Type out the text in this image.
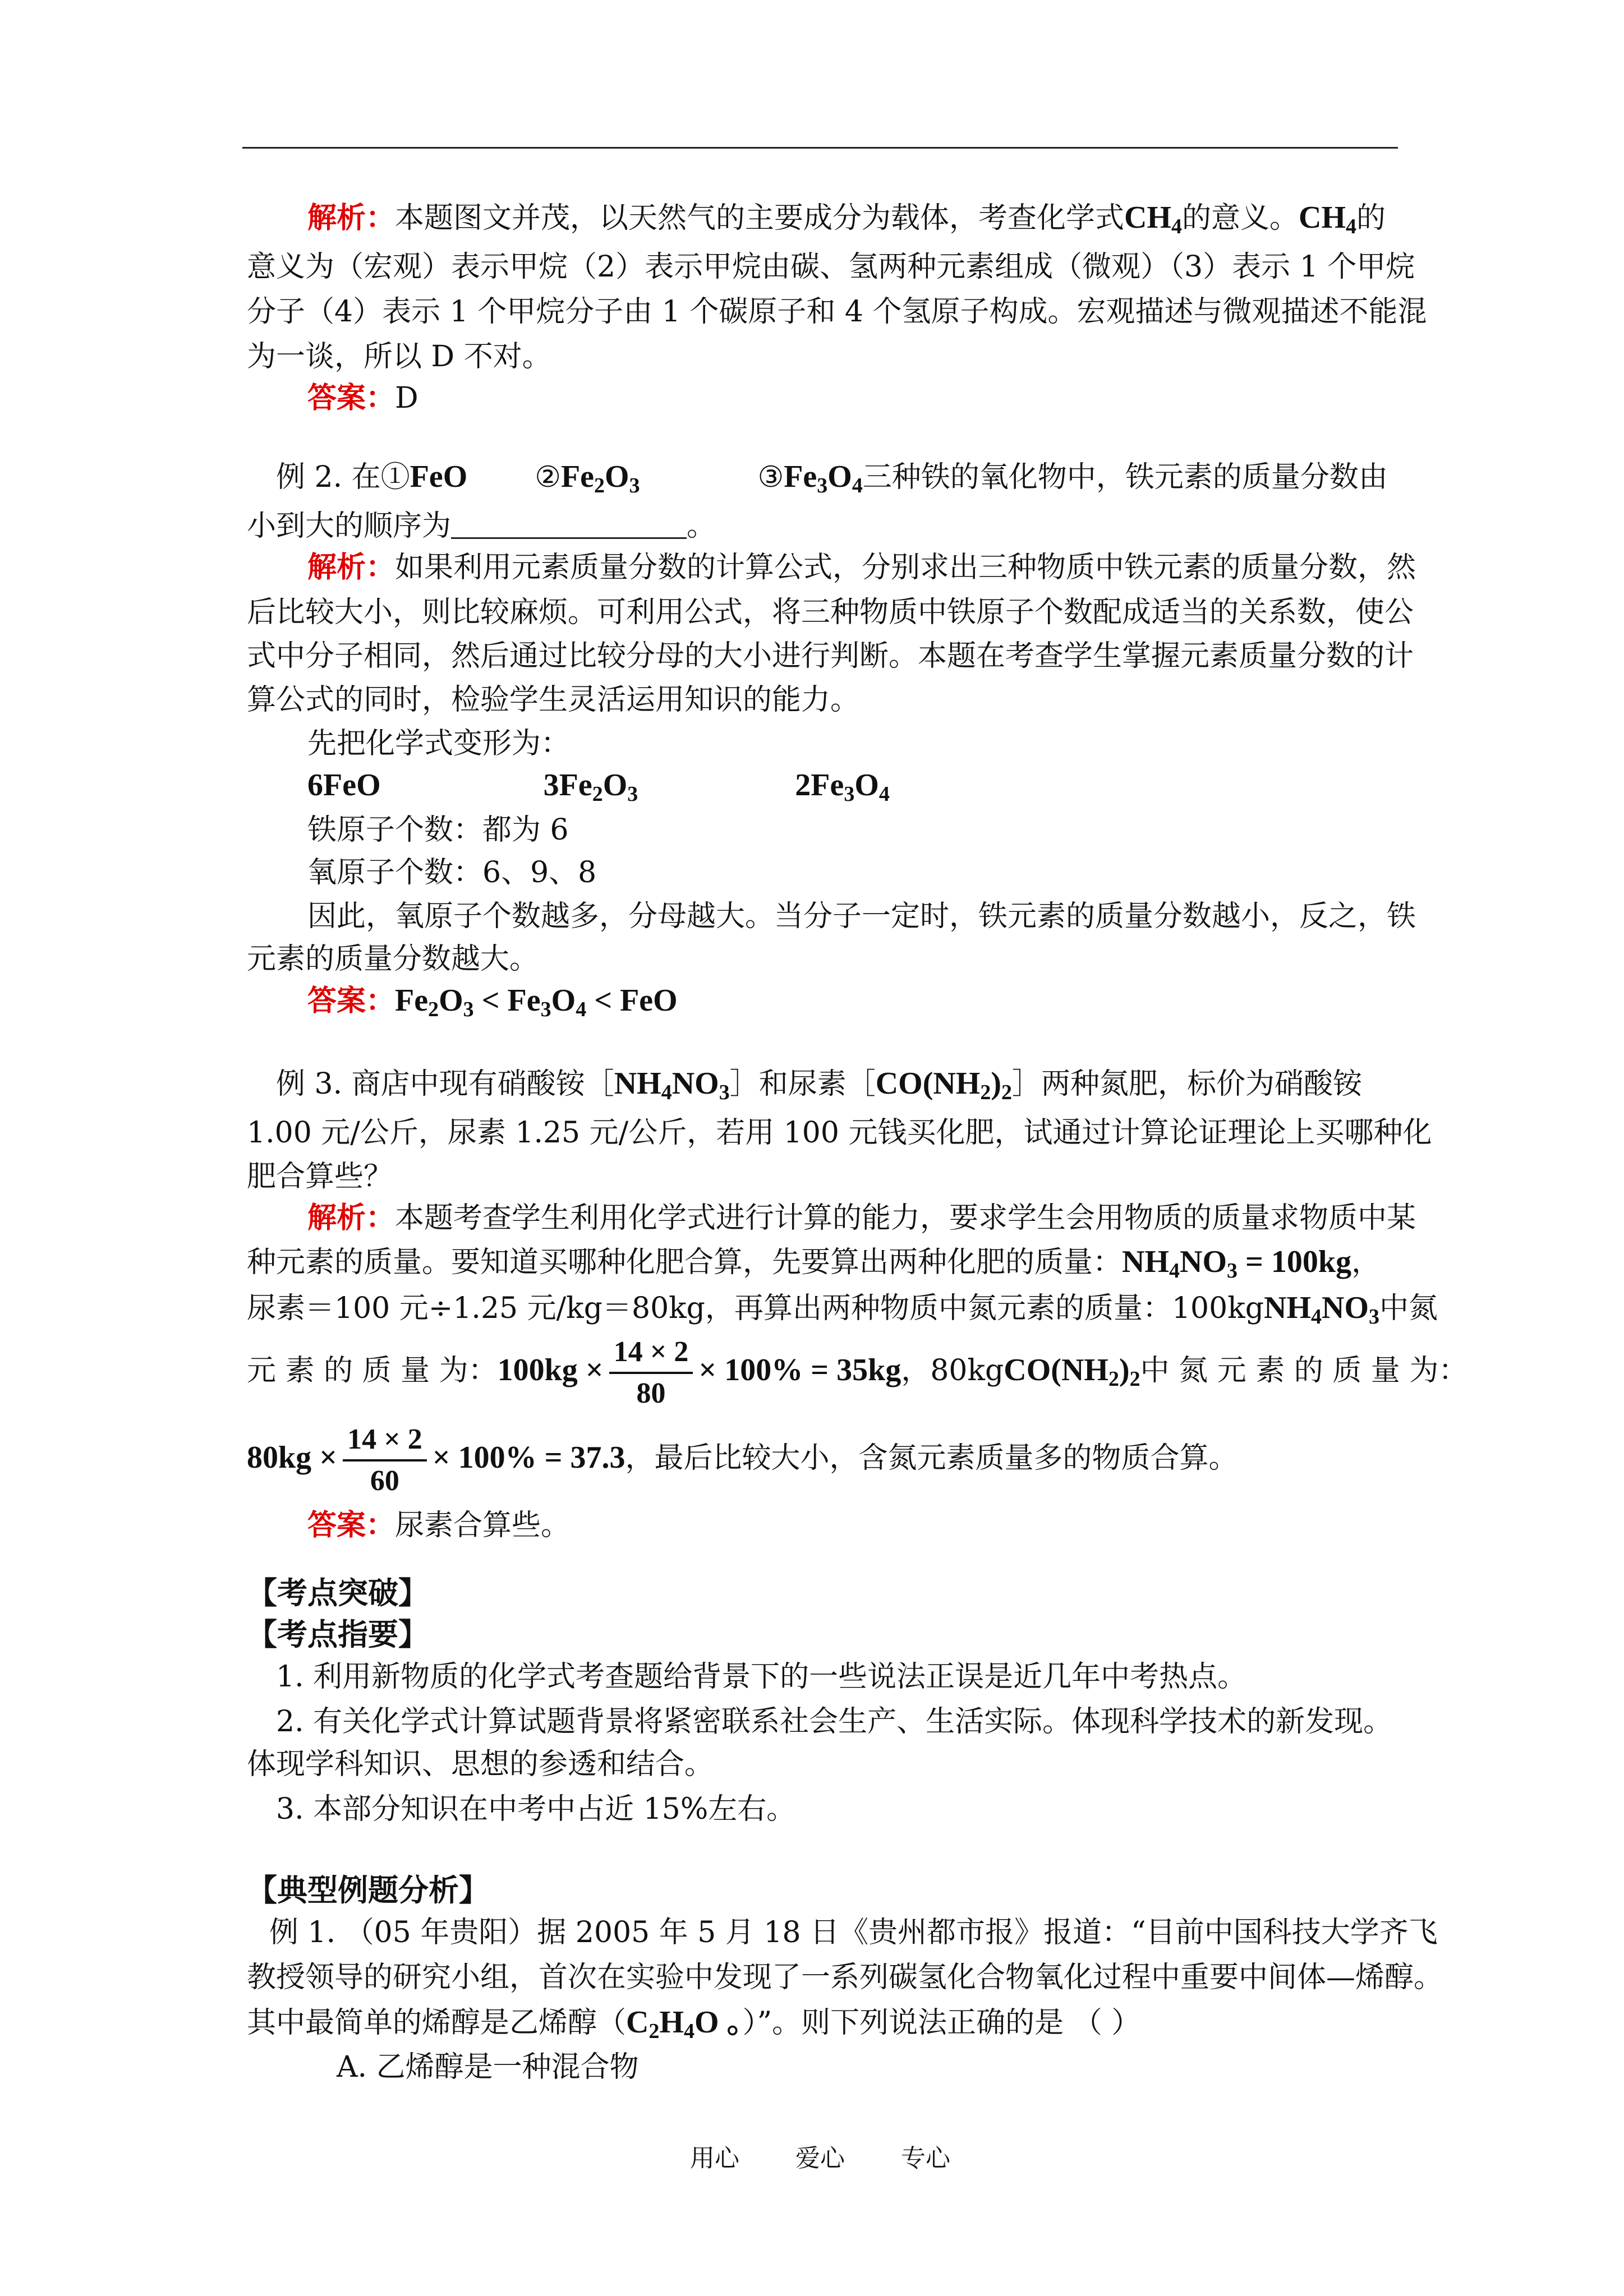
解析：本题图文并茂，以天然气的主要成分为载体，考查化学式$CH_4$的意义。$CH_4$的
意义为（宏观）表示甲烷（2）表示甲烷由碳、氢两种元素组成（微观）（3）表示 1 个甲烷
分子（4）表示 1 个甲烷分子由 1 个碳原子和 4 个氢原子构成。宏观描述与微观描述不能混
为一谈，所以 D 不对。
答案：D
例 2. 在①FeO $②Fe_2O_3$	$③Fe_3O_4$三种铁的氧化物中，铁元素的质量分数由
小到大的顺序为	。
解析：如果利用元素质量分数的计算公式，分别求出三种物质中铁元素的质量分数，然
后比较大小，则比较麻烦。可利用公式，将三种物质中铁原子个数配成适当的关系数，使公
式中分子相同，然后通过比较分母的大小进行判断。本题在考查学生掌握元素质量分数的计
算公式的同时，检验学生灵活运用知识的能力。
先把化学式变形为：
6FeO	$3Fe_2O_3$	$2Fe_3O_4$
铁原子个数：都为 6
氧原子个数：6、9、8
因此，氧原子个数越多，分母越大。当分子一定时，铁元素的质量分数越小，反之，铁
元素的质量分数越大。
答案：$Fe_2O_3 < Fe_3O_4$ < FeO
例 3. 商店中现有硝酸铵$[NH_4NO_3]$和尿素$[CO(NH_2)_2]$两种氮肥，标价为硝酸铵
1.00 元/公斤，尿素 1.25 元/公斤，若用 100 元钱买化肥，试通过计算论证理论上买哪种化
肥合算些？
解析：本题考查学生利用化学式进行计算的能力，要求学生会用物质的质量求物质中某
种元素的质量。要知道买哪种化肥合算，先要算出两种化肥的质量：$NH_4NO_3 = 100kg$，
尿素＝100 元÷1.25 元/kg＝80kg，再算出两种物质中氮元素的质量：$100kgNH_4NO_3$中氮
元 素 的 质 量 为：$100kg \times \frac{14 \times 2}{80} \times 100\% = 35kg$，$80kgCO(NH_2)_2$中 氮 元 素 的 质 量 为：
$80kg \times \frac{14 \times 2}{60} \times 100\% = 37.3$，最后比较大小，含氮元素质量多的物质合算。
答案：尿素合算些。
【考点突破】
【考点指要】
1. 利用新物质的化学式考查题给背景下的一些说法正误是近几年中考热点。
2. 有关化学式计算试题背景将紧密联系社会生产、生活实际。体现科学技术的新发现。
体现学科知识、思想的参透和结合。
3. 本部分知识在中考中占近 15%左右。
【典型例题分析】
例 1. （05 年贵阳）据 2005 年 5 月 18 日《贵州都市报》报道：“目前中国科技大学齐飞
教授领导的研究小组，首次在实验中发现了一系列碳氢化合物氧化过程中重要中间体—烯醇。
其中最简单的烯醇是乙烯醇（$C_2H_4O$ 。）”。则下列说法正确的是 （ ）
A. 乙烯醇是一种混合物
用心 爱心 专心
